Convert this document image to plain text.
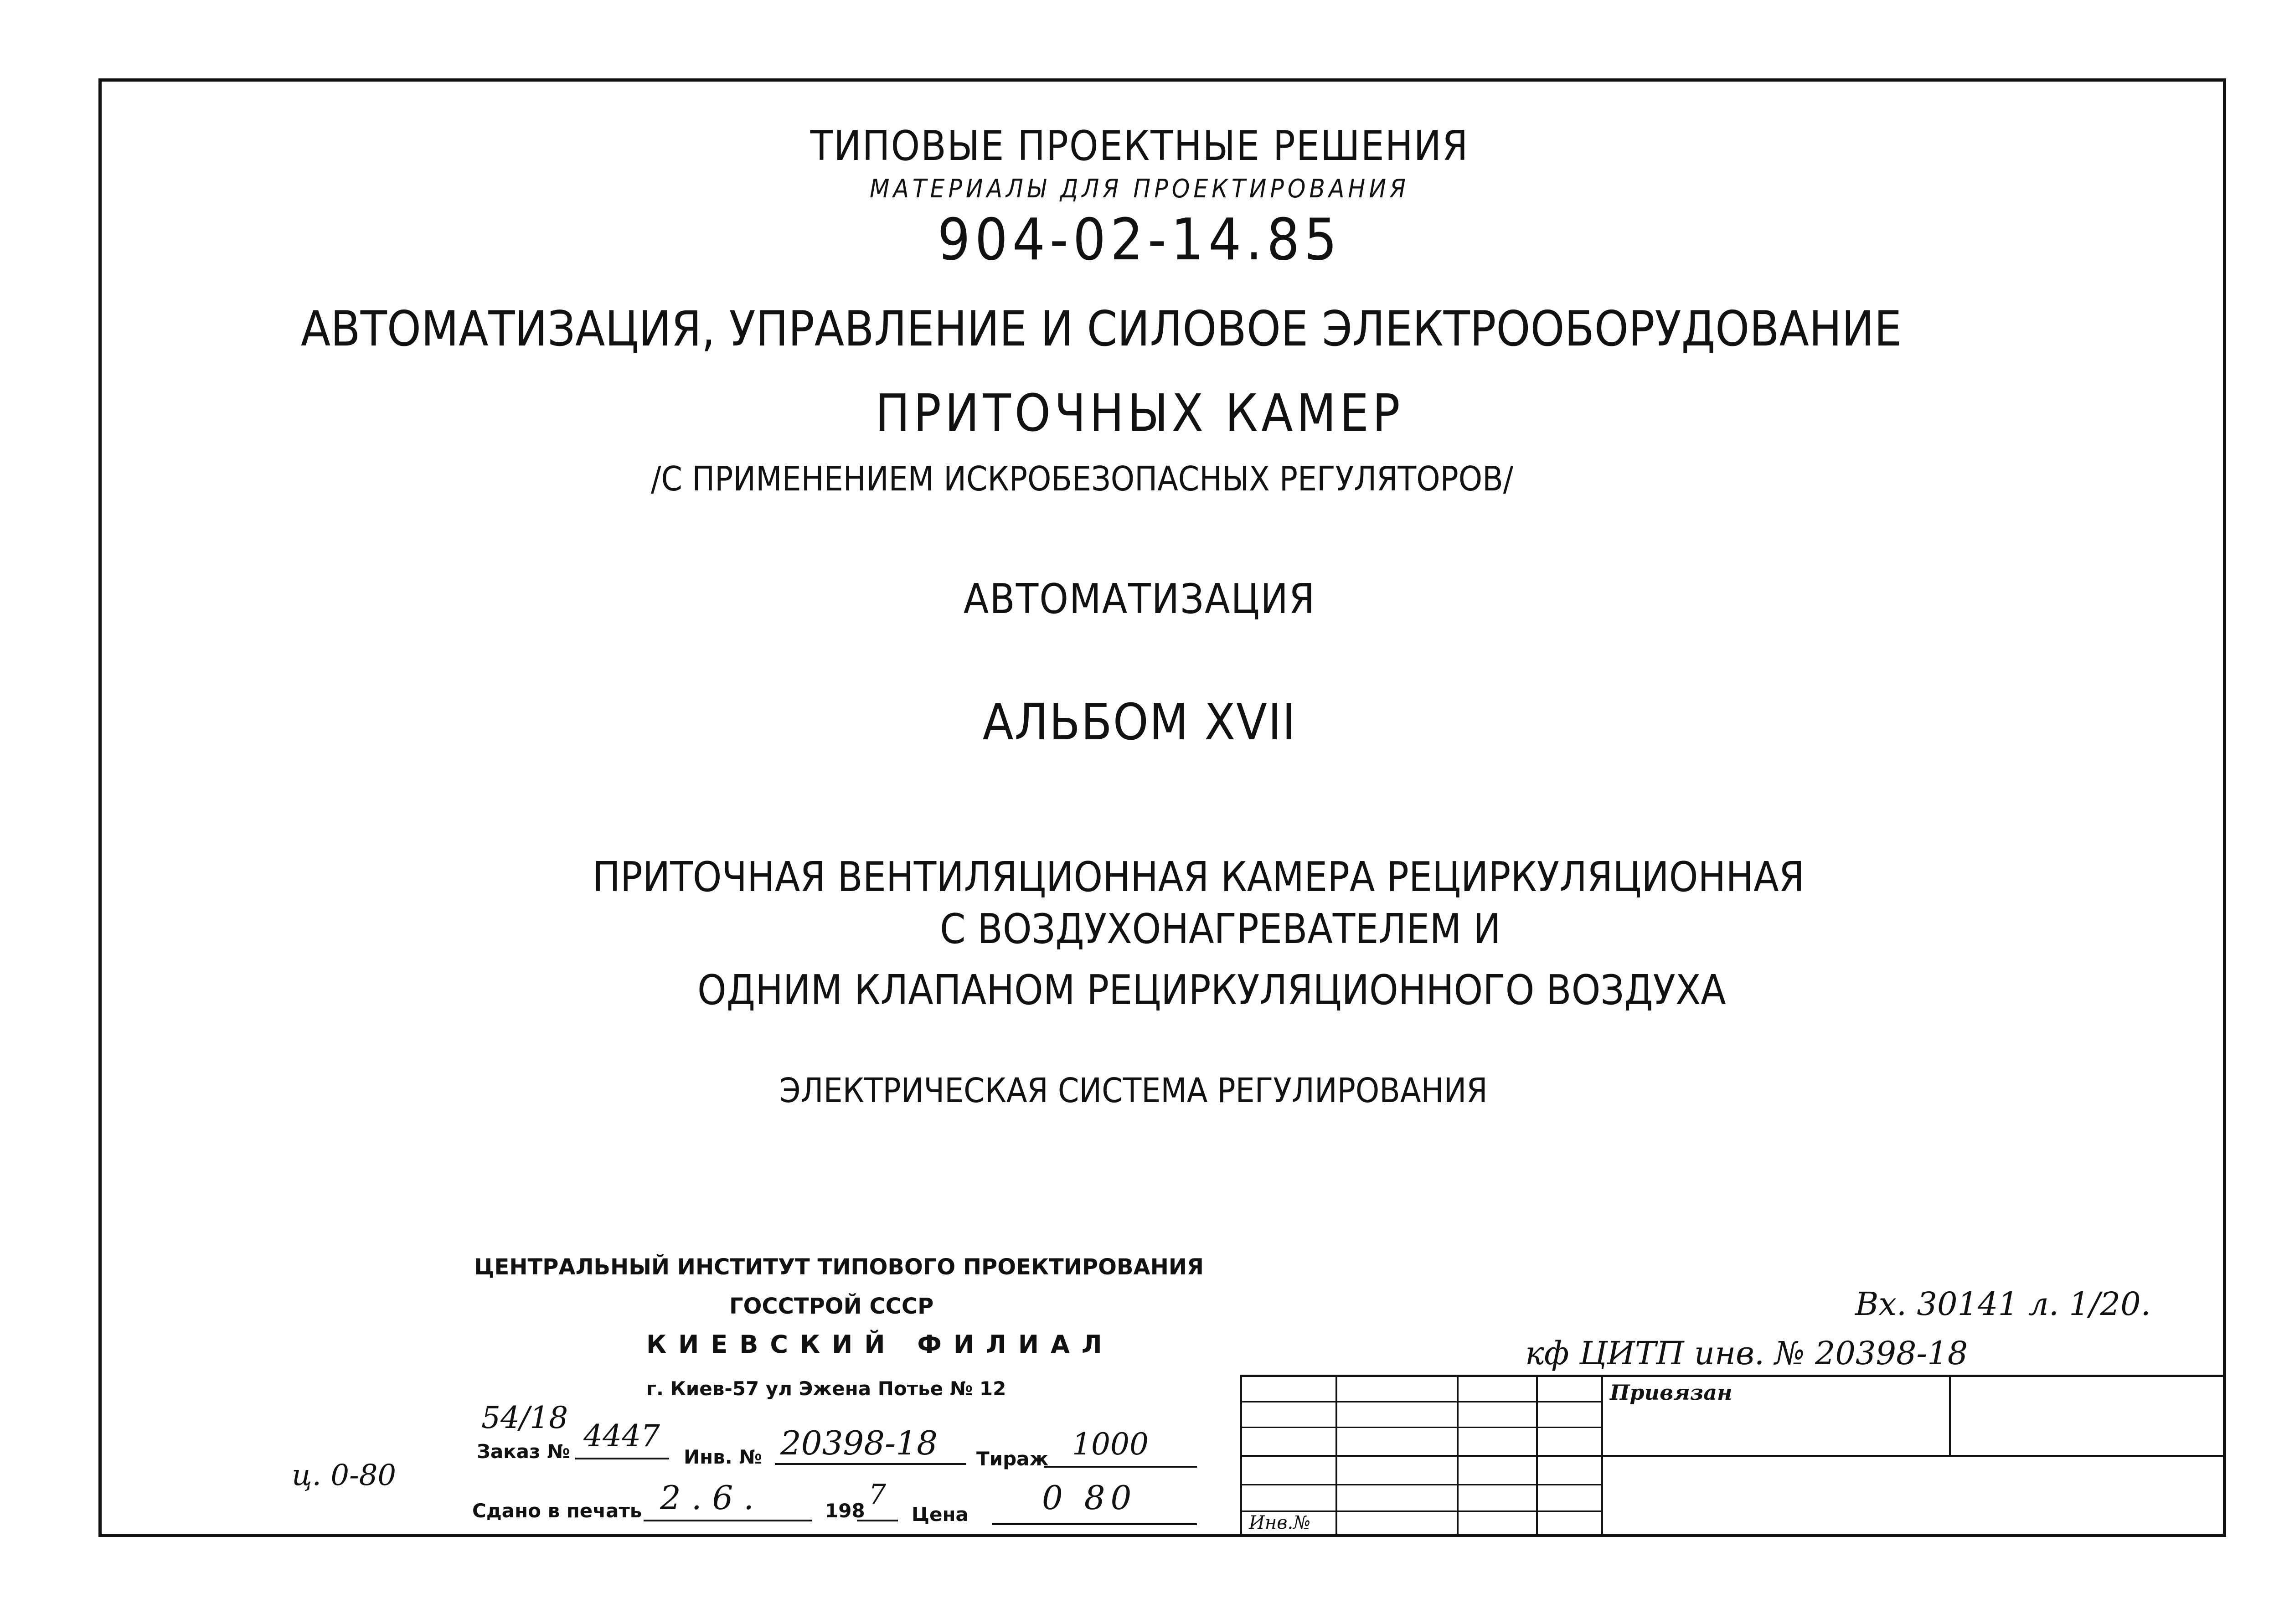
ТИПОВЫЕ ПРОЕКТНЫЕ РЕШЕНИЯ
МАТЕРИАЛЫ ДЛЯ ПРОЕКТИРОВАНИЯ
904-02-14.85
АВТОМАТИЗАЦИЯ, УПРАВЛЕНИЕ И СИЛОВОЕ ЭЛЕКТРООБОРУДОВАНИЕ
ПРИТОЧНЫХ КАМЕР
/С ПРИМЕНЕНИЕМ ИСКРОБЕЗОПАСНЫХ РЕГУЛЯТОРОВ/
АВТОМАТИЗАЦИЯ
АЛЬБОМ XVII
ПРИТОЧНАЯ ВЕНТИЛЯЦИОННАЯ КАМЕРА РЕЦИРКУЛЯЦИОННАЯ
С ВОЗДУХОНАГРЕВАТЕЛЕМ И
ОДНИМ КЛАПАНОМ РЕЦИРКУЛЯЦИОННОГО ВОЗДУХА
ЭЛЕКТРИЧЕСКАЯ СИСТЕМА РЕГУЛИРОВАНИЯ
ЦЕНТРАЛЬНЫЙ ИНСТИТУТ ТИПОВОГО ПРОЕКТИРОВАНИЯ
ГОССТРОЙ СССР
КИЕВСКИЙ ФИЛИАЛ
г. Киев-57 ул Эжена Потье № 12
54/18
Заказ № 4447
Инв. № 20398-18 Тираж 1000
Сдано в печать 2 . 6 .	198
7
Цена 0 80
ц. 0-80
Вх. 30141 л. 1/20.
кф ЦИТП инв. № 20398-18
Привязан
Инв.№
